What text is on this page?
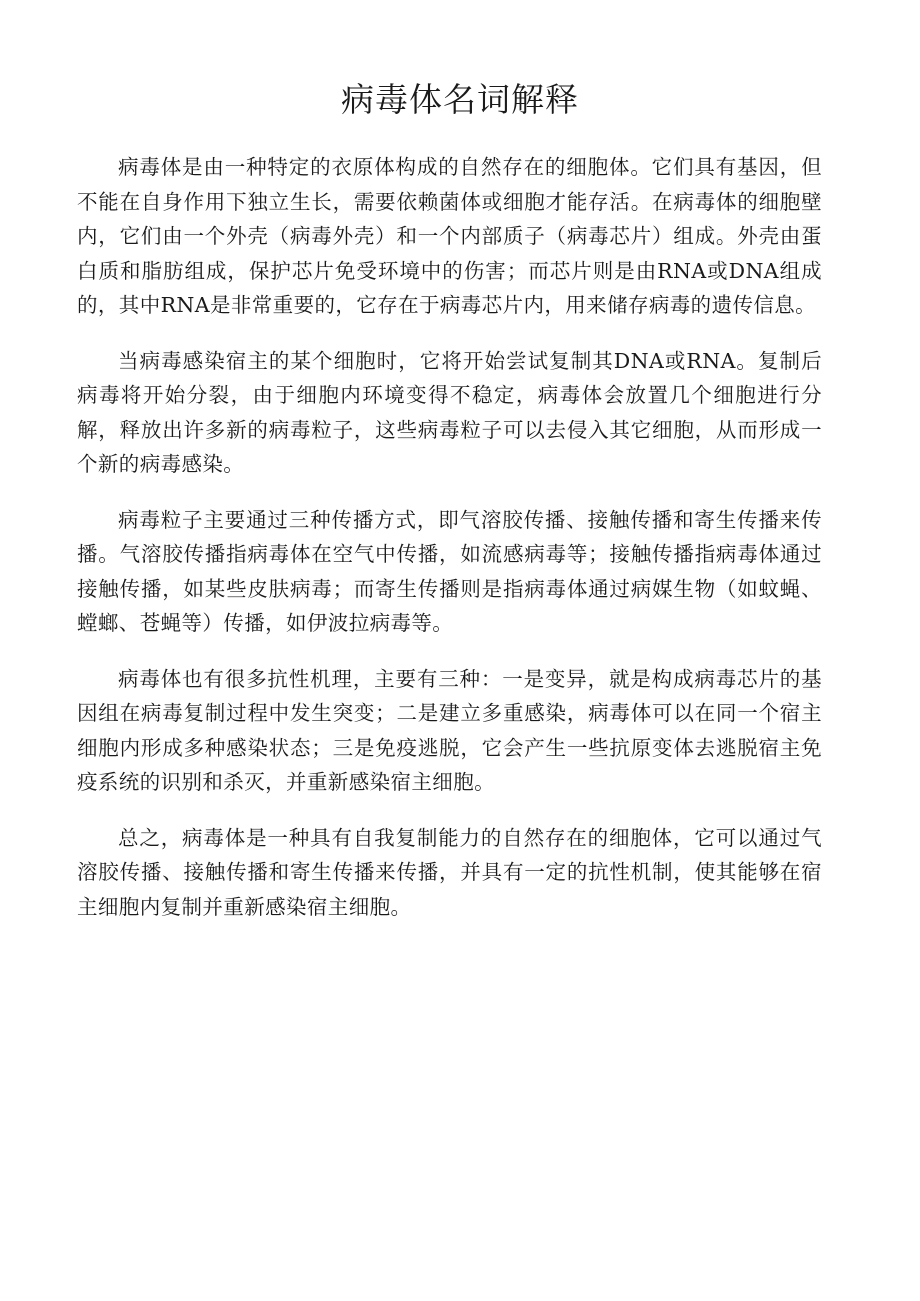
病毒体名词解释

病毒体是由一种特定的衣原体构成的自然存在的细胞体。它们具有基因，但不能在自身作用下独立生长，需要依赖菌体或细胞才能存活。在病毒体的细胞壁内，它们由一个外壳（病毒外壳）和一个内部质子（病毒芯片）组成。外壳由蛋白质和脂肪组成，保护芯片免受环境中的伤害；而芯片则是由RNA或DNA组成的，其中RNA是非常重要的，它存在于病毒芯片内，用来储存病毒的遗传信息。

当病毒感染宿主的某个细胞时，它将开始尝试复制其DNA或RNA。复制后病毒将开始分裂，由于细胞内环境变得不稳定，病毒体会放置几个细胞进行分解，释放出许多新的病毒粒子，这些病毒粒子可以去侵入其它细胞，从而形成一个新的病毒感染。

病毒粒子主要通过三种传播方式，即气溶胶传播、接触传播和寄生传播来传播。气溶胶传播指病毒体在空气中传播，如流感病毒等；接触传播指病毒体通过接触传播，如某些皮肤病毒；而寄生传播则是指病毒体通过病媒生物（如蚊蝇、螳螂、苍蝇等）传播，如伊波拉病毒等。

病毒体也有很多抗性机理，主要有三种：一是变异，就是构成病毒芯片的基因组在病毒复制过程中发生突变；二是建立多重感染，病毒体可以在同一个宿主细胞内形成多种感染状态；三是免疫逃脱，它会产生一些抗原变体去逃脱宿主免疫系统的识别和杀灭，并重新感染宿主细胞。

总之，病毒体是一种具有自我复制能力的自然存在的细胞体，它可以通过气溶胶传播、接触传播和寄生传播来传播，并具有一定的抗性机制，使其能够在宿主细胞内复制并重新感染宿主细胞。
